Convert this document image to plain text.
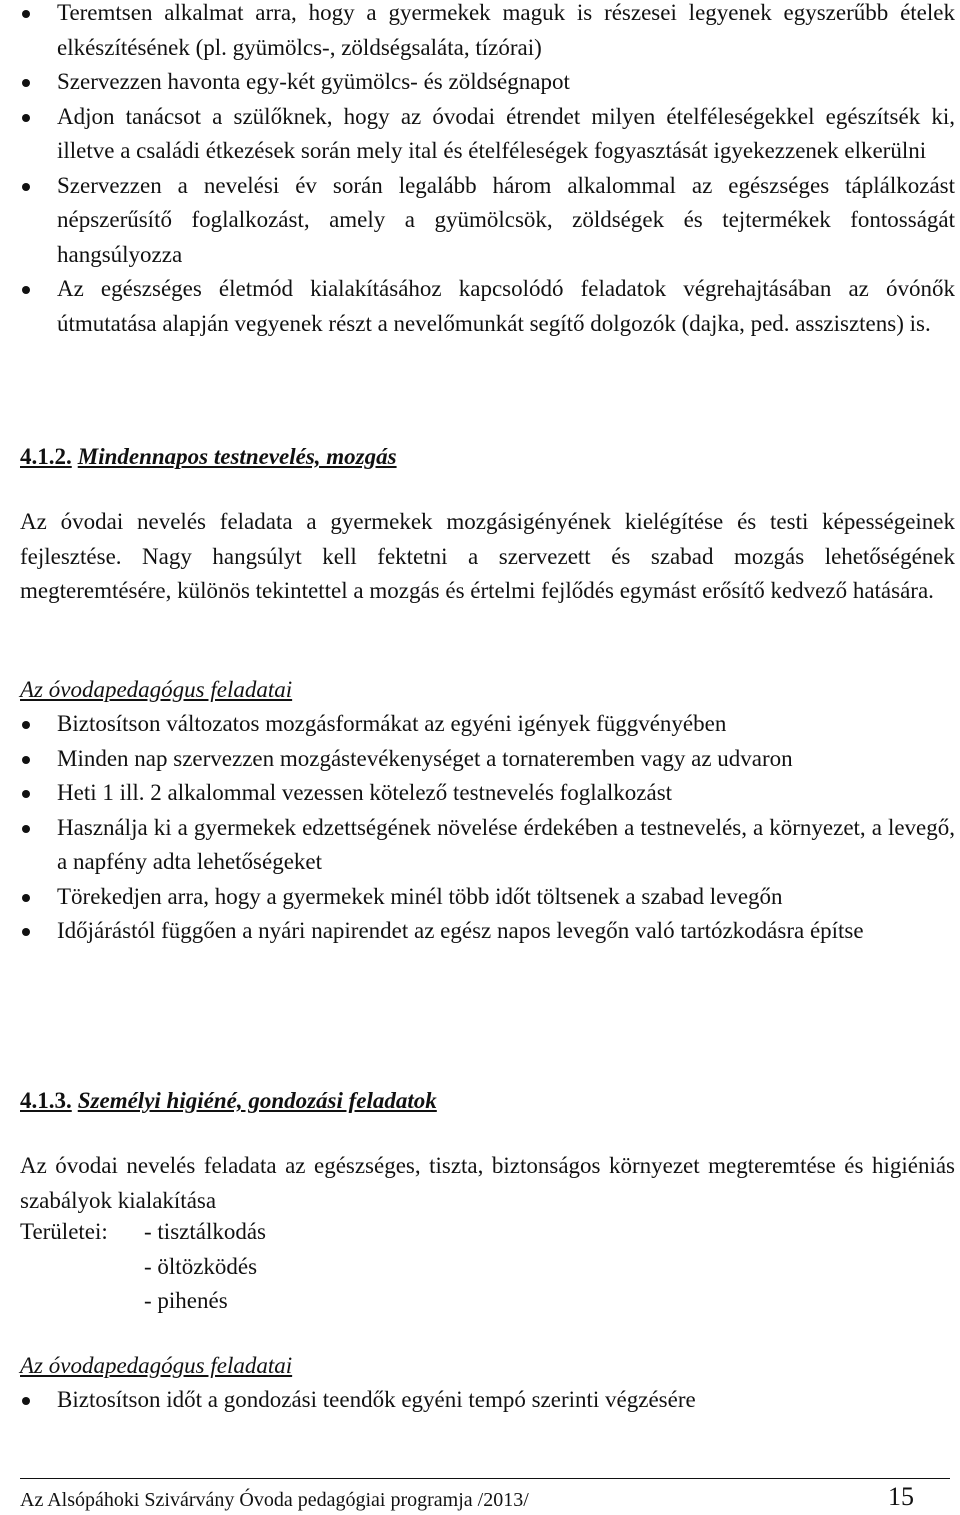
Teremtsen alkalmat arra, hogy a gyermekek maguk is részesei legyenek egyszerűbb ételek elkészítésének (pl. gyümölcs-, zöldségsaláta, tízórai)
Szervezzen havonta egy-két gyümölcs- és zöldségnapot
Adjon tanácsot a szülőknek, hogy az óvodai étrendet milyen ételféleségekkel egészítsék ki, illetve a családi étkezések során mely ital és ételféleségek fogyasztását igyekezzenek elkerülni
Szervezzen a nevelési év során legalább három alkalommal az egészséges táplálkozást népszerűsítő foglalkozást, amely a gyümölcsök, zöldségek és tejtermékek fontosságát hangsúlyozza
Az egészséges életmód kialakításához kapcsolódó feladatok végrehajtásában az óvónők útmutatása alapján vegyenek részt a nevelőmunkát segítő dolgozók (dajka, ped. asszisztens) is.
4.1.2. Mindennapos testnevelés, mozgás

Az óvodai nevelés feladata a gyermekek mozgásigényének kielégítése és testi képességeinek fejlesztése. Nagy hangsúlyt kell fektetni a szervezett és szabad mozgás lehetőségének megteremtésére, különös tekintettel a mozgás és értelmi fejlődés egymást erősítő kedvező hatására.

Az óvodapedagógus feladatai

Biztosítson változatos mozgásformákat az egyéni igények függvényében
Minden nap szervezzen mozgástevékenységet a tornateremben vagy az udvaron
Heti 1 ill. 2 alkalommal vezessen kötelező testnevelés foglalkozást
Használja ki a gyermekek edzettségének növelése érdekében a testnevelés, a környezet, a levegő, a napfény adta lehetőségeket
Törekedjen arra, hogy a gyermekek minél több időt töltsenek a szabad levegőn
Időjárástól függően a nyári napirendet az egész napos levegőn való tartózkodásra építse
4.1.3. Személyi higiéné, gondozási feladatok

Az óvodai nevelés feladata az egészséges, tiszta, biztonságos környezet megteremtése és higiéniás szabályok kialakítása

Területei: - tisztálkodás
- öltözködés
- pihenés

Az óvodapedagógus feladatai

Biztosítson időt a gondozási teendők egyéni tempó szerinti végzésére
Az Alsópáhoki Szivárvány Óvoda pedagógiai programja /2013/	15
